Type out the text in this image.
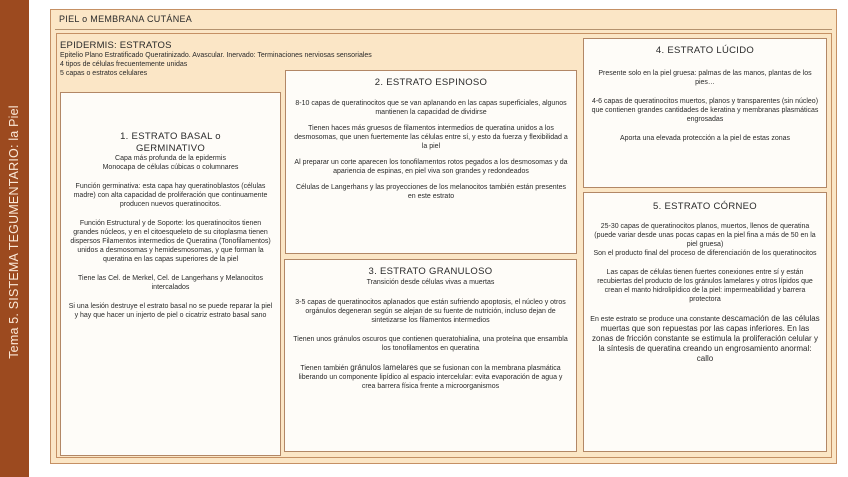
Tema 5. SISTEMA TEGUMENTARIO: la Piel
PIEL o MEMBRANA CUTÁNEA
EPIDERMIS: ESTRATOS
Epitelio Plano Estratificado Queratinizado. Avascular. Inervado: Terminaciones nerviosas sensoriales
4 tipos de células frecuentemente unidas
5 capas o estratos celulares
1. ESTRATO BASAL o GERMINATIVO
Capa más profunda de la epidermis

Monocapa de células cúbicas o columnares

Función germinativa: esta capa hay queratinoblastos (células madre) con alta capacidad de proliferación que continuamente producen nuevos queratinocitos.

Función Estructural y de Soporte: los queratinocitos tienen grandes núcleos, y en el citoesqueleto de su citoplasma tienen dispersos Filamentos intermedios de Queratina (Tonofilamentos) unidos a desmosomas y hemidesmosomas, y que forman la queratina en las capas superiores de la piel

Tiene las Cel. de Merkel, Cel. de Langerhans y Melanocitos intercalados

Si una lesión destruye el estrato basal no se puede reparar la piel y hay que hacer un injerto de piel o cicatriz estrato basal sano

2. ESTRATO ESPINOSO

8-10 capas de queratinocitos que se van aplanando en las capas superficiales, algunos mantienen la capacidad de dividirse

Tienen haces más gruesos de filamentos intermedios de queratina unidos a los desmosomas, que unen fuertemente las células entre sí, y esto da fuerza y flexibilidad a la piel

Al preparar un corte aparecen los tonofilamentos rotos pegados a los desmosomas y da apariencia de espinas, en piel viva son grandes y redondeados

Células de Langerhans y las proyecciones de los melanocitos también están presentes en este estrato

3. ESTRATO GRANULOSO

Transición desde células vivas a muertas

3-5 capas de queratinocitos aplanados que están sufriendo apoptosis, el núcleo y otros orgánulos degeneran según se alejan de su fuente de nutrición, incluso dejan de sintetizarse los filamentos intermedios

Tienen unos gránulos oscuros que contienen queratohialina, una proteína que ensambla los tonofilamentos en queratina

Tienen también gránulos lamelares que se fusionan con la membrana plasmática liberando un componente lipídico al espacio intercelular: evita evaporación de agua y crea barrera física frente a microorganismos

4. ESTRATO LÚCIDO

Presente solo en la piel gruesa: palmas de las manos, plantas de los pies…

4-6 capas de queratinocitos muertos, planos y transparentes (sin núcleo) que contienen grandes cantidades de keratina y membranas plasmáticas engrosadas

Aporta una elevada protección a la piel de estas zonas

5. ESTRATO CÓRNEO
25-30 capas de queratinocitos planos, muertos, llenos de queratina (puede variar desde unas pocas capas en la piel fina a más de 50 en la piel gruesa)

Son el producto final del proceso de diferenciación de los queratinocitos

Las capas de células tienen fuertes conexiones entre sí y están recubiertas del producto de los gránulos lamelares y otros lípidos que crean el manto hidrolipídico de la piel: impermeabilidad y barrera protectora

En este estrato se produce una constante descamación de las células muertas que son repuestas por las capas inferiores. En las zonas de fricción constante se estimula la proliferación celular y la síntesis de queratina creando un engrosamiento anormal: callo
